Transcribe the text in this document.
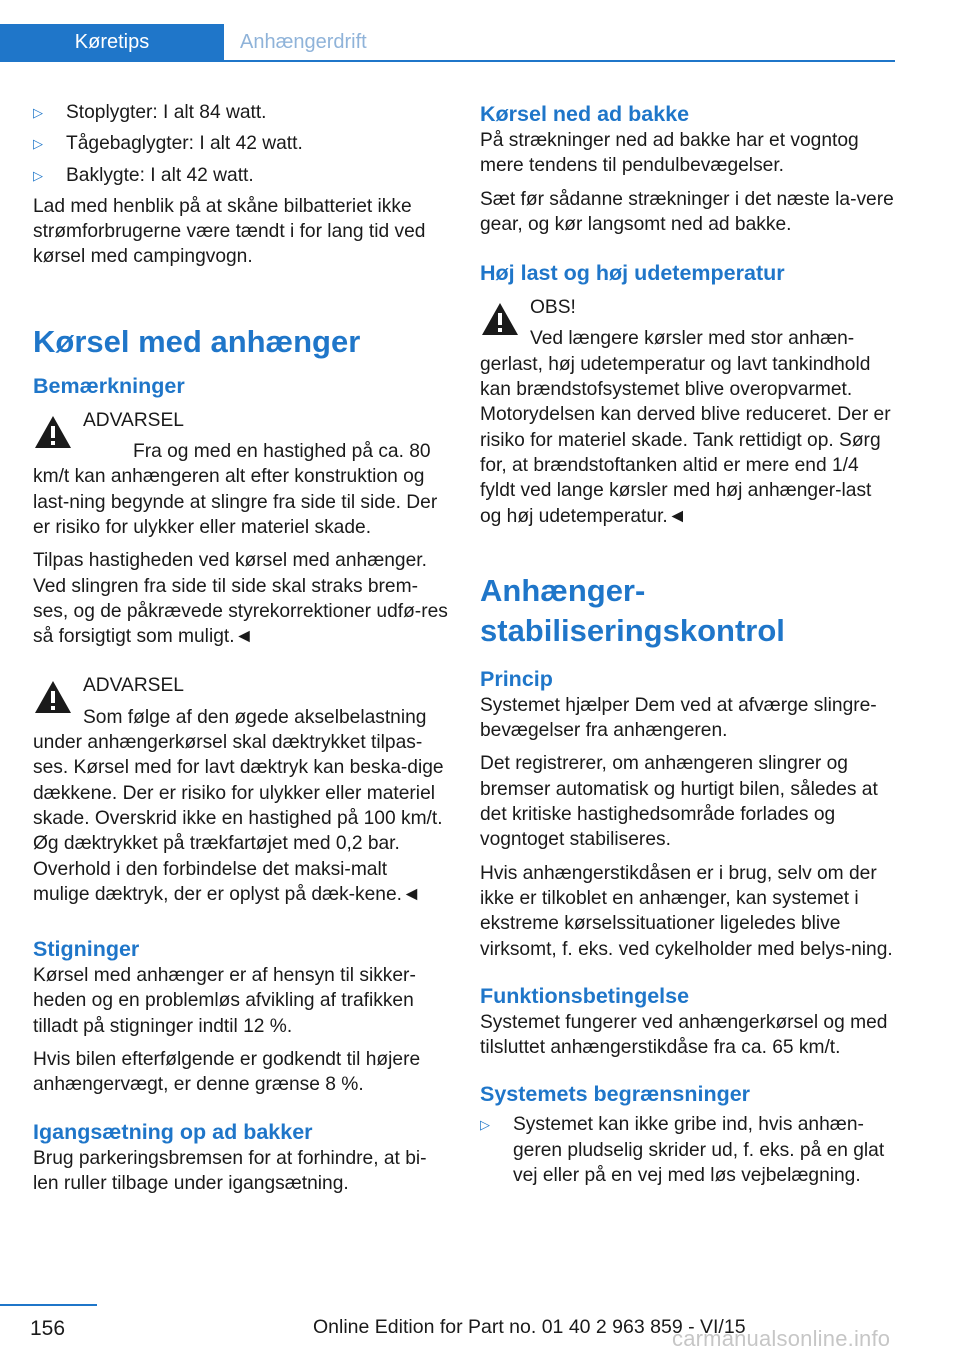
Køretips	Anhængerdrift
▷	Stoplygter: I alt 84 watt.
▷	Tågebaglygter: I alt 42 watt.
▷	Baklygte: I alt 42 watt.

Lad med henblik på at skåne bilbatteriet ikke strømforbrugerne være tændt i for lang tid ved kørsel med campingvogn.

Kørsel med anhænger
Bemærkninger
ADVARSEL

Fra og med en hastighed på ca. 80 km/t kan anhængeren alt efter konstruktion og last‐ning begynde at slingre fra side til side. Der er risiko for ulykker eller materiel skade.

Tilpas hastigheden ved kørsel med anhænger. Ved slingren fra side til side skal straks brem‐ses, og de påkrævede styrekorrektioner udfø‐res så forsigtigt som muligt.◄

ADVARSEL

Som følge af den øgede akselbelastning under anhængerkørsel skal dæktrykket tilpas‐ses. Kørsel med for lavt dæktryk kan beska‐dige dækkene. Der er risiko for ulykker eller materiel skade. Overskrid ikke en hastighed på 100 km/t. Øg dæktrykket på trækfartøjet med 0,2 bar. Overhold i den forbindelse det maksi‐malt mulige dæktryk, der er oplyst på dæk‐kene.◄

Stigninger

Kørsel med anhænger er af hensyn til sikker‐heden og en problemløs afvikling af trafikken tilladt på stigninger indtil 12 %.

Hvis bilen efterfølgende er godkendt til højere anhængervægt, er denne grænse 8 %.

Igangsætning op ad bakker

Brug parkeringsbremsen for at forhindre, at bi‐len ruller tilbage under igangsætning.

Kørsel ned ad bakke

På strækninger ned ad bakke har et vogntog mere tendens til pendulbevægelser.

Sæt før sådanne strækninger i det næste la‐vere gear, og kør langsomt ned ad bakke.

Høj last og høj udetemperatur
OBS!

Ved længere kørsler med stor anhæn‐gerlast, høj udetemperatur og lavt tankindhold kan brændstofsystemet blive overopvarmet. Motorydelsen kan derved blive reduceret. Der er risiko for materiel skade. Tank rettidigt op. Sørg for, at brændstoftanken altid er mere end 1/4 fyldt ved lange kørsler med høj anhænger‐last og høj udetemperatur.◄

Anhænger‐
stabiliseringskontrol
Princip

Systemet hjælper Dem ved at afværge slingre‐bevægelser fra anhængeren.

Det registrerer, om anhængeren slingrer og bremser automatisk og hurtigt bilen, således at det kritiske hastighedsområde forlades og vogntoget stabiliseres.

Hvis anhængerstikdåsen er i brug, selv om der ikke er tilkoblet en anhænger, kan systemet i ekstreme kørselssituationer ligeledes blive virksomt, f. eks. ved cykelholder med belys‐ning.

Funktionsbetingelse

Systemet fungerer ved anhængerkørsel og med tilsluttet anhængerstikdåse fra ca. 65 km/t.

Systemets begrænsninger
▷	Systemet kan ikke gribe ind, hvis anhæn‐geren pludselig skrider ud, f. eks. på en glat vej eller på en vej med løs vejbelægning.
156	Online Edition for Part no. 01 40 2 963 859 - VI/15
carmanualsonline.info
